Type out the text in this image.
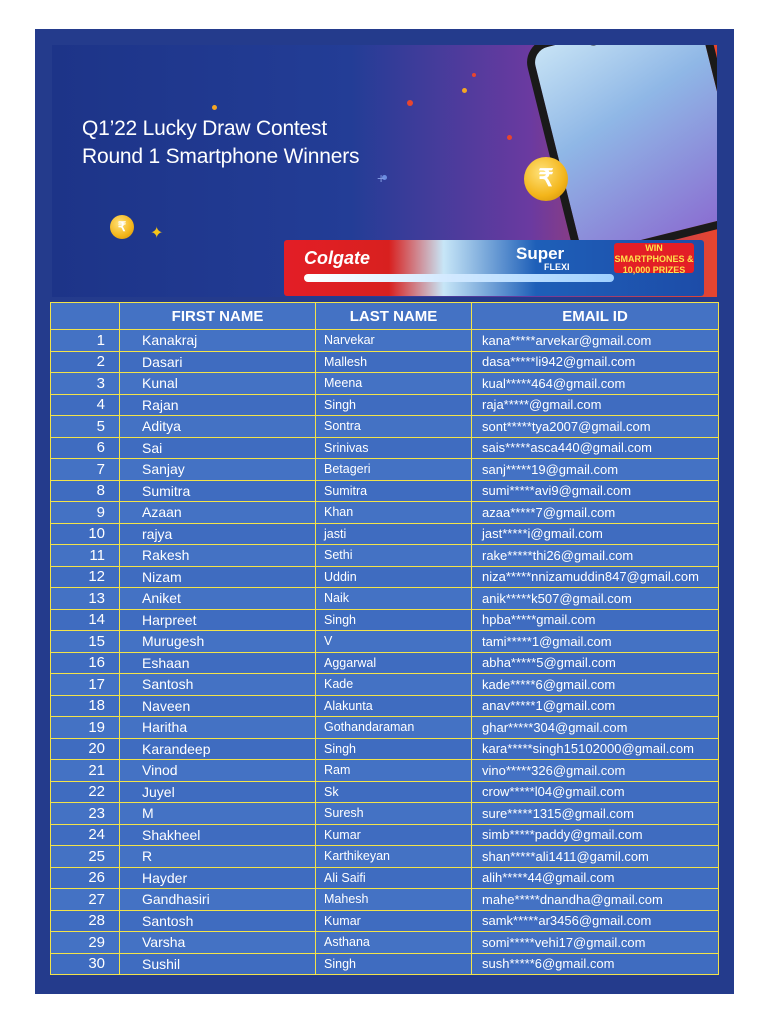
Q1’22 Lucky Draw Contest
Round 1 Smartphone Winners
₹
₹	✦
+
Colgate	Super
FLEXI
WIN SMARTPHONES & 10,000 PRIZES
	FIRST NAME	LAST NAME	EMAIL ID
1	Kanakraj	Narvekar	kana*****arvekar@gmail.com
2	Dasari	Mallesh	dasa*****li942@gmail.com
3	Kunal	Meena	kual*****464@gmail.com
4	Rajan	Singh	raja*****@gmail.com
5	Aditya	Sontra	sont*****tya2007@gmail.com
6	Sai	Srinivas	sais*****asca440@gmail.com
7	Sanjay	Betageri	sanj*****19@gmail.com
8	Sumitra	Sumitra	sumi*****avi9@gmail.com
9	Azaan	Khan	azaa*****7@gmail.com
10	rajya	jasti	jast*****i@gmail.com
11	Rakesh	Sethi	rake*****thi26@gmail.com
12	Nizam	Uddin	niza*****nnizamuddin847@gmail.com
13	Aniket	Naik	anik*****k507@gmail.com
14	Harpreet	Singh	hpba*****gmail.com
15	Murugesh	V	tami*****1@gmail.com
16	Eshaan	Aggarwal	abha*****5@gmail.com
17	Santosh	Kade	kade*****6@gmail.com
18	Naveen	Alakunta	anav*****1@gmail.com
19	Haritha	Gothandaraman	ghar*****304@gmail.com
20	Karandeep	Singh	kara*****singh15102000@gmail.com
21	Vinod	Ram	vino*****326@gmail.com
22	Juyel	Sk	crow*****l04@gmail.com
23	M	Suresh	sure*****1315@gmail.com
24	Shakheel	Kumar	simb*****paddy@gmail.com
25	R	Karthikeyan	shan*****ali1411@gamil.com
26	Hayder	Ali Saifi	alih*****44@gmail.com
27	Gandhasiri	Mahesh	mahe*****dnandha@gmail.com
28	Santosh	Kumar	samk*****ar3456@gmail.com
29	Varsha	Asthana	somi*****vehi17@gmail.com
30	Sushil	Singh	sush*****6@gmail.com
